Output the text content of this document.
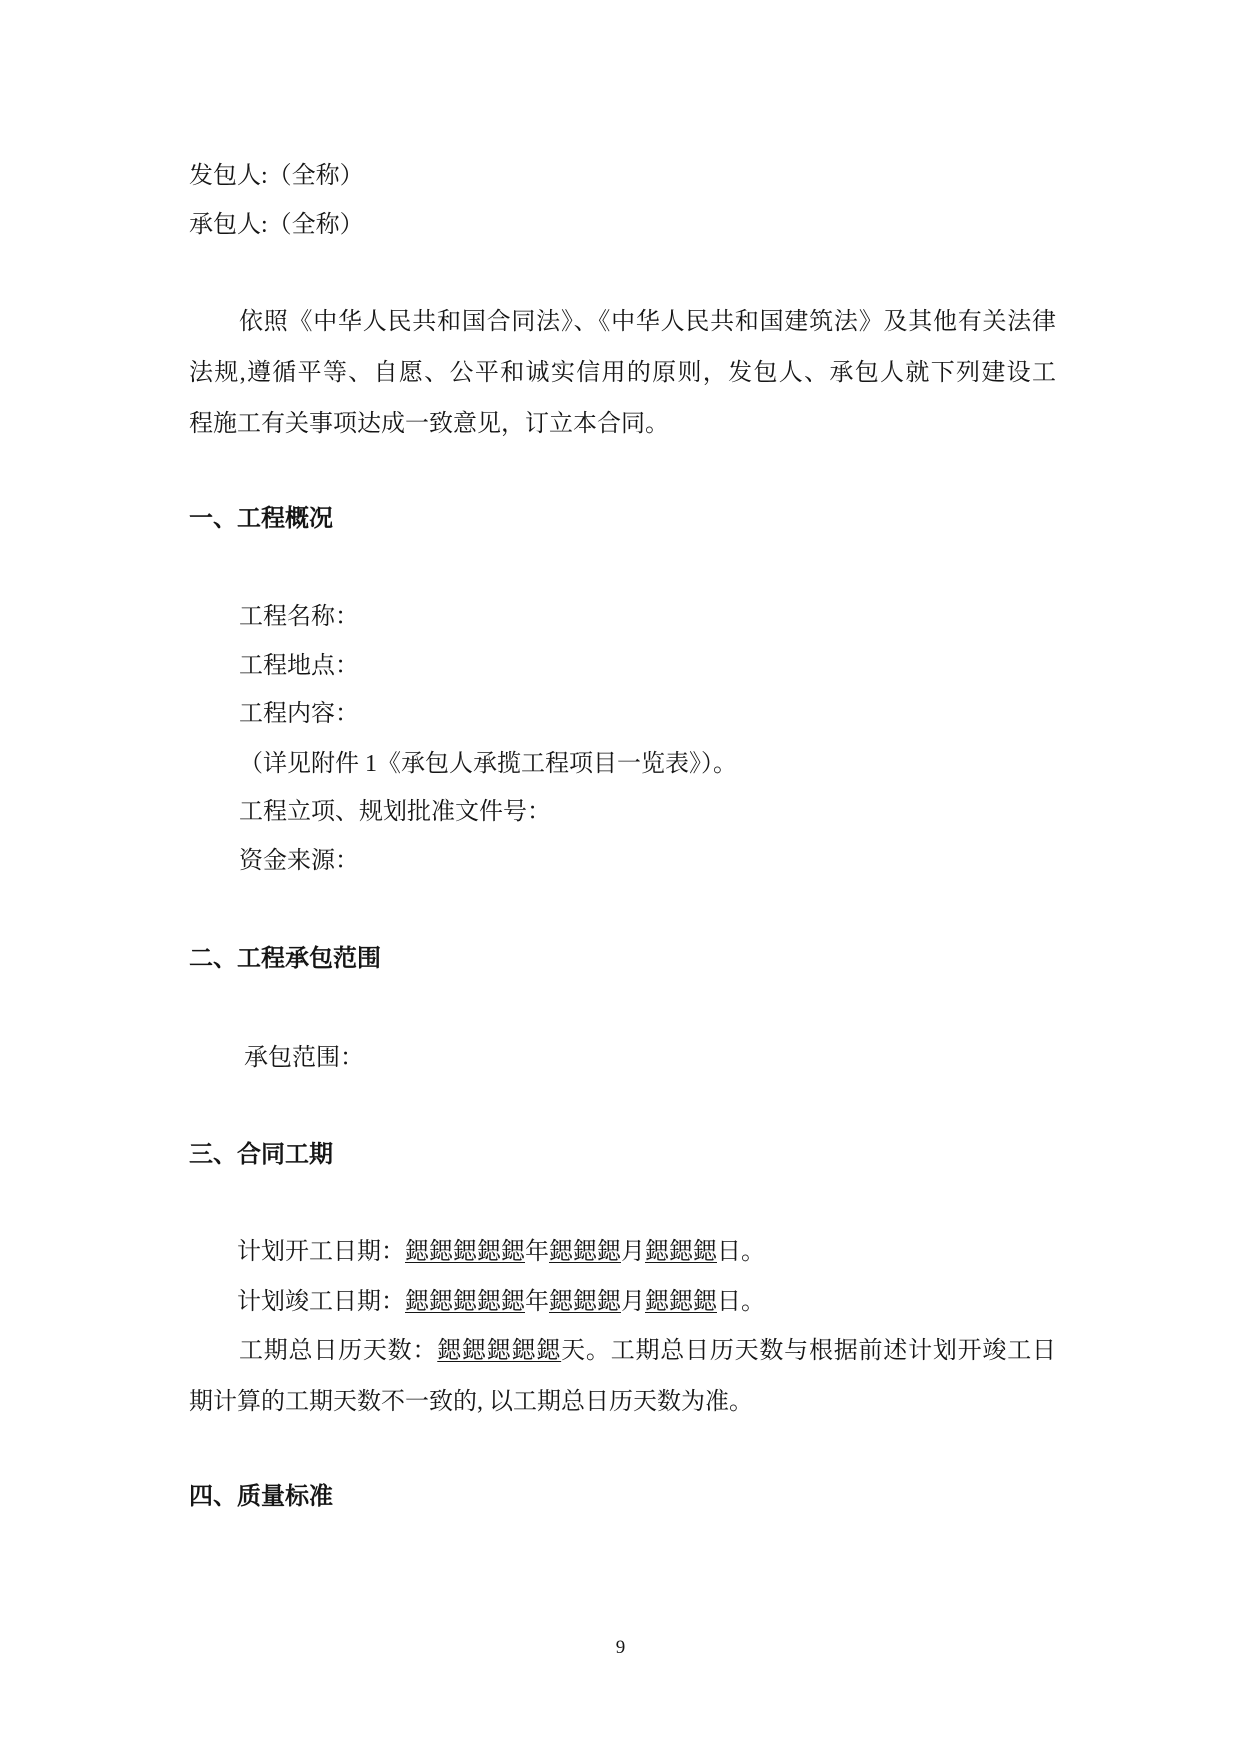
发包人:（全称）
承包人:（全称）
依照《中华人民共和国合同法》、《中华人民共和国建筑法》及其他有关法律
法规,遵循平等、自愿、公平和诚实信用的原则，发包人、承包人就下列建设工
程施工有关事项达成一致意见，订立本合同。
一、工程概况
工程名称：
工程地点：
工程内容：
（详见附件 1《承包人承揽工程项目一览表》）。
工程立项、规划批准文件号：
资金来源：
二、工程承包范围
承包范围：
三、合同工期
计划开工日期：鍶鍶鍶鍶鍶年鍶鍶鍶月鍶鍶鍶日。
计划竣工日期：鍶鍶鍶鍶鍶年鍶鍶鍶月鍶鍶鍶日。
工期总日历天数：鍶鍶鍶鍶鍶天。工期总日历天数与根据前述计划开竣工日
期计算的工期天数不一致的, 以工期总日历天数为准。
四、质量标准
9
